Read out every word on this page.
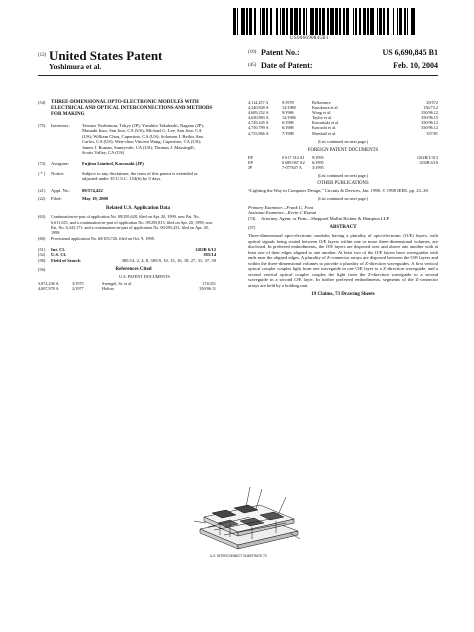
US006690845B1
(12) United States Patent
Yoshimura et al.
(10) Patent No.:	US 6,690,845 B1
(45) Date of Patent:	Feb. 10, 2004
(54)	THREE-DIMENSIONAL OPTO-ELECTRONIC MODULES WITH ELECTRICAL AND OPTICAL INTERCONNECTIONS AND METHODS FOR MAKING
(75)	Inventors:	Tetsuzo Yoshimura, Tokyo (JP); Yasuhito Takahashi, Nagano (JP); Masaaki Inao, San Jose, CA (US); Michael G. Lee, San Jose, CA (US); William Chou, Cupertino, CA (US); Solomon I. Beilin, San Carlos, CA (US); Wen-chou Vincent Wang, Cupertino, CA (US); James J. Roman, Sunnyvale, CA (US); Thomas J. Massingill, Scotts Valley, CA (US)
(73)	Assignee:	Fujitsu Limited, Kawasaki (JP)
( * )	Notice:	Subject to any disclaimer, the term of this patent is extended or adjusted under 35 U.S.C. 154(b) by 0 days.
(21)	Appl. No.:	09/574,422
(22)	Filed:	May 19, 2000
Related U.S. Application Data
(63)	Continuation-in-part of application No. 09/295,628, filed on Apr. 20, 1999, now Pat. No. 6,611,635, and a continuation-in-part of application No. 09/295,813, filed on Apr. 20, 1999, now Pat. No. 6,343,171, and a continuation-in-part of application No. 09/295,431, filed on Apr. 20, 1999.
(60)	Provisional application No. 60/103,726, filed on Oct. 9, 1998.
(51)	Int. Cl.	G02B 6/12
(52)	U.S. Cl.	385/14
(58)	Field of Search	385/14, 2, 4, 8, 385/9, 10, 15, 16, 18, 27, 31, 37, 39
(56)	References Cited
U.S. PATENT DOCUMENTS
3,872,236 A	3/1975	Swengel, Sr. et al.	174/251
4,007,978 A	2/1977	Holton	350/96.11
4,114,257 A	9/1978	Bellavance	29/572
4,240,849 A	12/1980	Kurokawa et al.	156/73.2
4,609,252 A	9/1986	Wong et al.	350/96.12
4,630,883 A	12/1986	Taylor et al.	350/96.15
4,749,245 A	6/1988	Kawatsuki et al.	350/96.12
4,750,799 A	6/1988	Kawachi et al.	350/96.12
4,755,866 A	7/1988	Marshall et al.	357/81
(List continued on next page.)
FOREIGN PATENT DOCUMENTS
EP	0 617 314 A1	9/1993	G02B/1/313
EP	0 689 067 A2	6/1995	G02B 6/10
JP	7-077637 A	3/1995
(List continued on next page.)
OTHER PUBLICATIONS
“Lighting the Way in Computer Design,” Circuits & Devices, Jan. 1998, © 1998 IEEE, pp. 23–30.
(List continued on next page.)
Primary Examiner—Frank G. Font
Assistant Examiner—Kevin C Kianni
(74)	Attorney, Agent, or Firm—Sheppard Mullin Richter & Hampton LLP
(57)	ABSTRACT
Three-dimensional opto-electronic modules having a plurality of opto-electronic (O/E) layers, with optical signals being routed between O/E layers within one or more three-dimensional volumes, are disclosed. In preferred embodiments, the O/E layers are disposed over and above one another with at least one of their edges aligned to one another. At least two of the O/E layers have waveguides with ends near the aligned edges. A plurality of Z-connector arrays are disposed between the O/E layers and within the three-dimensional volumes to provide a plurality of Z-direction waveguides. A first vertical optical coupler couples light from one waveguide in one O/E layer to a Z-direction waveguide, and a second vertical optical coupler couples the light from the Z-direction waveguide to a second waveguide in a second O/E layer. In further preferred embodiments, segments of the Z-connector arrays are held by a holding unit.
19 Claims, 73 Drawing Sheets
U.S. INTERCONNECT SUBSTRATE 70
